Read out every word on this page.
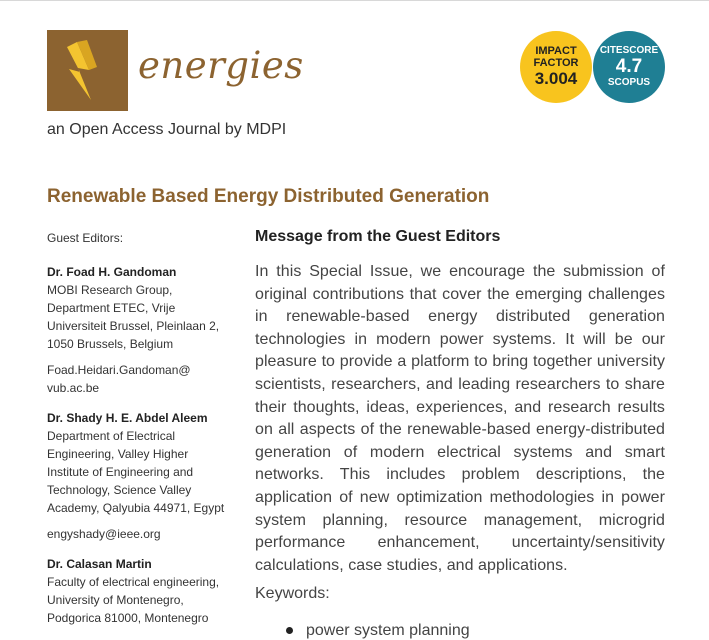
energies
an Open Access Journal by MDPI
IMPACT
FACTOR
3.004
CITESCORE
4.7
SCOPUS
Renewable Based Energy Distributed Generation
Guest Editors:
Dr. Foad H. Gandoman
MOBI Research Group,
Department ETEC, Vrije
Universiteit Brussel, Pleinlaan 2,
1050 Brussels, Belgium
Foad.Heidari.Gandoman@
vub.ac.be
Dr. Shady H. E. Abdel Aleem
Department of Electrical
Engineering, Valley Higher
Institute of Engineering and
Technology, Science Valley
Academy, Qalyubia 44971, Egypt
engyshady@ieee.org
Dr. Calasan Martin
Faculty of electrical engineering,
University of Montenegro,
Podgorica 81000, Montenegro
Message from the Guest Editors
In this Special Issue, we encourage the submission of original contributions that cover the emerging challenges in renewable-based energy distributed generation technologies in modern power systems. It will be our pleasure to provide a platform to bring together university scientists, researchers, and leading researchers to share their thoughts, ideas, experiences, and research results on all aspects of the renewable-based energy-distributed generation of modern electrical systems and smart networks. This includes problem descriptions, the application of new optimization methodologies in power system planning, resource management, microgrid performance enhancement, uncertainty/sensitivity calculations, case studies, and applications.
Keywords:
power system planning
